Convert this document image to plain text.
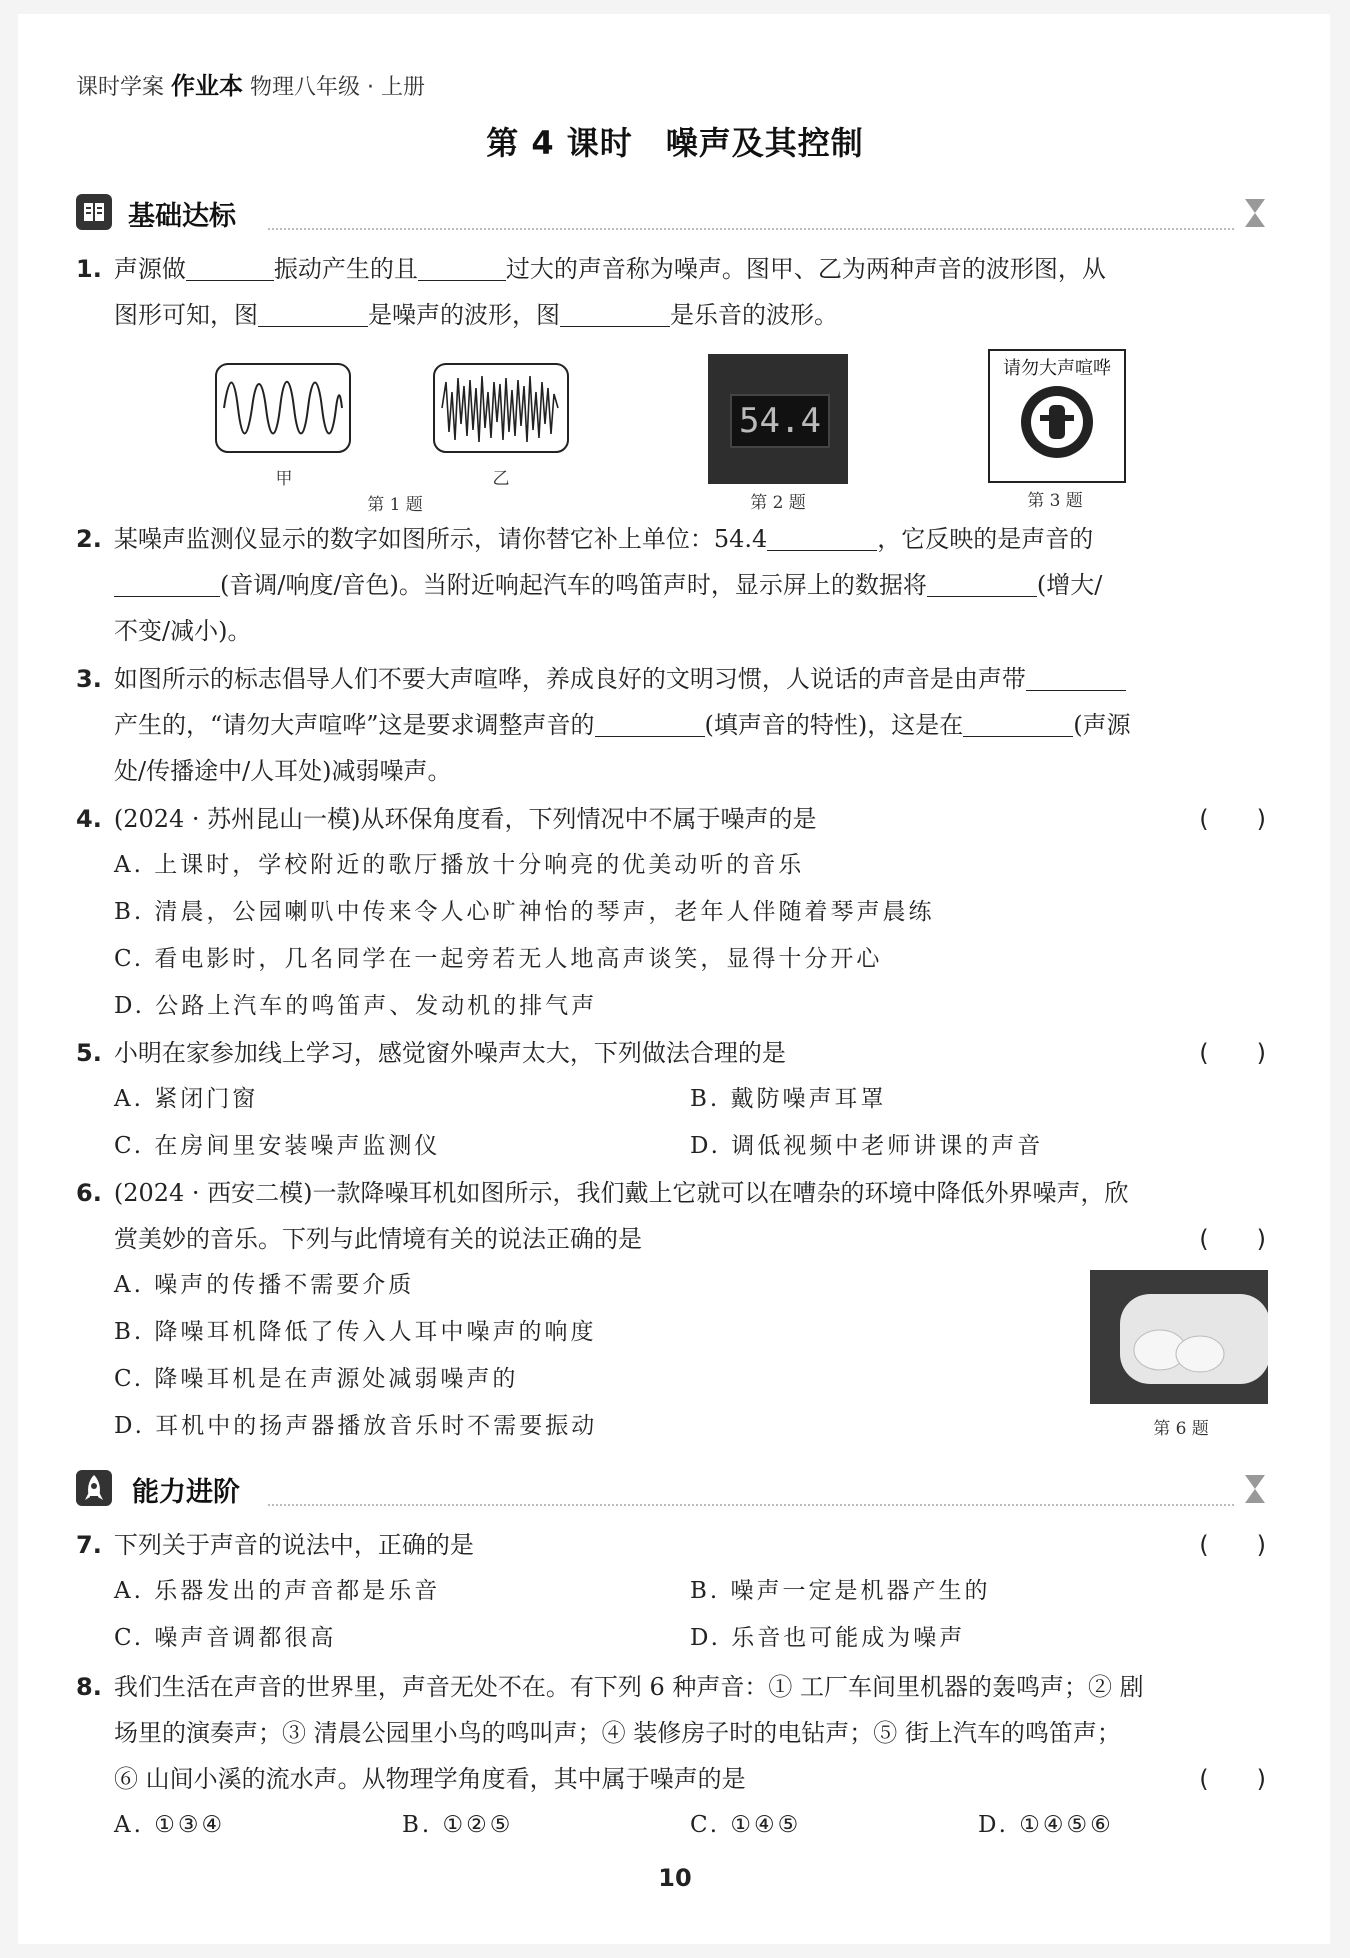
课时学案 作业本 物理八年级 · 上册
第 4 课时　噪声及其控制
基础达标
1. 声源做	振动产生的且	过大的声音称为噪声。图甲、乙为两种声音的波形图，从
图形可知，图	是噪声的波形，图	是乐音的波形。
甲	乙
第 1 题
54.4
第 2 题
请勿大声喧哗
第 3 题
2. 某噪声监测仪显示的数字如图所示，请你替它补上单位：54.4	，它反映的是声音的
(音调/响度/音色)。当附近响起汽车的鸣笛声时，显示屏上的数据将	(增大/
不变/减小)。
3. 如图所示的标志倡导人们不要大声喧哗，养成良好的文明习惯，人说话的声音是由声带
产生的，“请勿大声喧哗”这是要求调整声音的	(填声音的特性)，这是在	(声源
处/传播途中/人耳处)减弱噪声。
4. (2024 · 苏州昆山一模)从环保角度看，下列情况中不属于噪声的是	(　　)
A. 上课时，学校附近的歌厅播放十分响亮的优美动听的音乐
B. 清晨，公园喇叭中传来令人心旷神怡的琴声，老年人伴随着琴声晨练
C. 看电影时，几名同学在一起旁若无人地高声谈笑，显得十分开心
D. 公路上汽车的鸣笛声、发动机的排气声
5. 小明在家参加线上学习，感觉窗外噪声太大，下列做法合理的是	(　　)
A. 紧闭门窗	B. 戴防噪声耳罩
C. 在房间里安装噪声监测仪	D. 调低视频中老师讲课的声音
6. (2024 · 西安二模)一款降噪耳机如图所示，我们戴上它就可以在嘈杂的环境中降低外界噪声，欣
赏美妙的音乐。下列与此情境有关的说法正确的是	(　　)
A. 噪声的传播不需要介质
B. 降噪耳机降低了传入人耳中噪声的响度
C. 降噪耳机是在声源处减弱噪声的
D. 耳机中的扬声器播放音乐时不需要振动	第 6 题
能力进阶
7. 下列关于声音的说法中，正确的是	(　　)
A. 乐器发出的声音都是乐音	B. 噪声一定是机器产生的
C. 噪声音调都很高	D. 乐音也可能成为噪声
8. 我们生活在声音的世界里，声音无处不在。有下列 6 种声音：① 工厂车间里机器的轰鸣声；② 剧
场里的演奏声；③ 清晨公园里小鸟的鸣叫声；④ 装修房子时的电钻声；⑤ 街上汽车的鸣笛声；
⑥ 山间小溪的流水声。从物理学角度看，其中属于噪声的是	(　　)
A. ①③④	B. ①②⑤	C. ①④⑤	D. ①④⑤⑥
10
